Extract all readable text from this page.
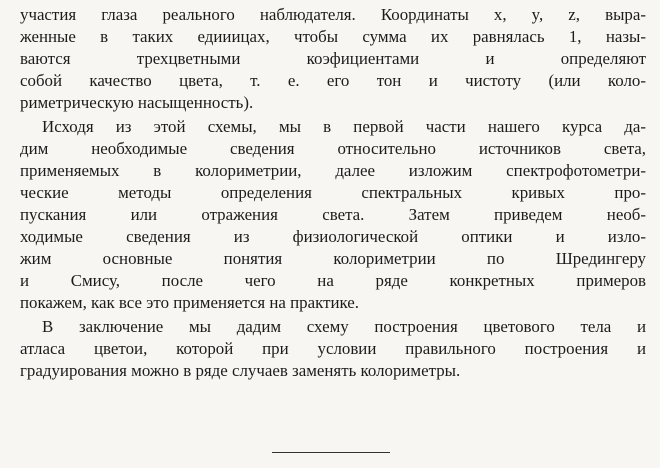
участия глаза реального наблюдателя. Координаты x, y, z, выра-
женные в таких едииицах, чтобы сумма их равнялась 1, назы-
ваются трехцветными коэфициентами и определяют
собой качество цвета, т. е. его тон и чистоту (или коло-
риметрическую насыщенность).
Исходя из этой схемы, мы в первой части нашего курса да-
дим необходимые сведения относительно источников света,
применяемых в колориметрии, далее изложим спектрофотометри-
ческие методы определения спектральных кривых про-
пускания или отражения света. Затем приведем необ-
ходимые сведения из физиологической оптики и изло-
жим основные понятия колориметрии по Шредингеру
и Смису, после чего на ряде конкретных примеров
покажем, как все это применяется на практике.
В заключение мы дадим схему построения цветового тела и
атласа цветои, которой при условии правильного построения и
градуирования можно в ряде случаев заменять колориметры.
